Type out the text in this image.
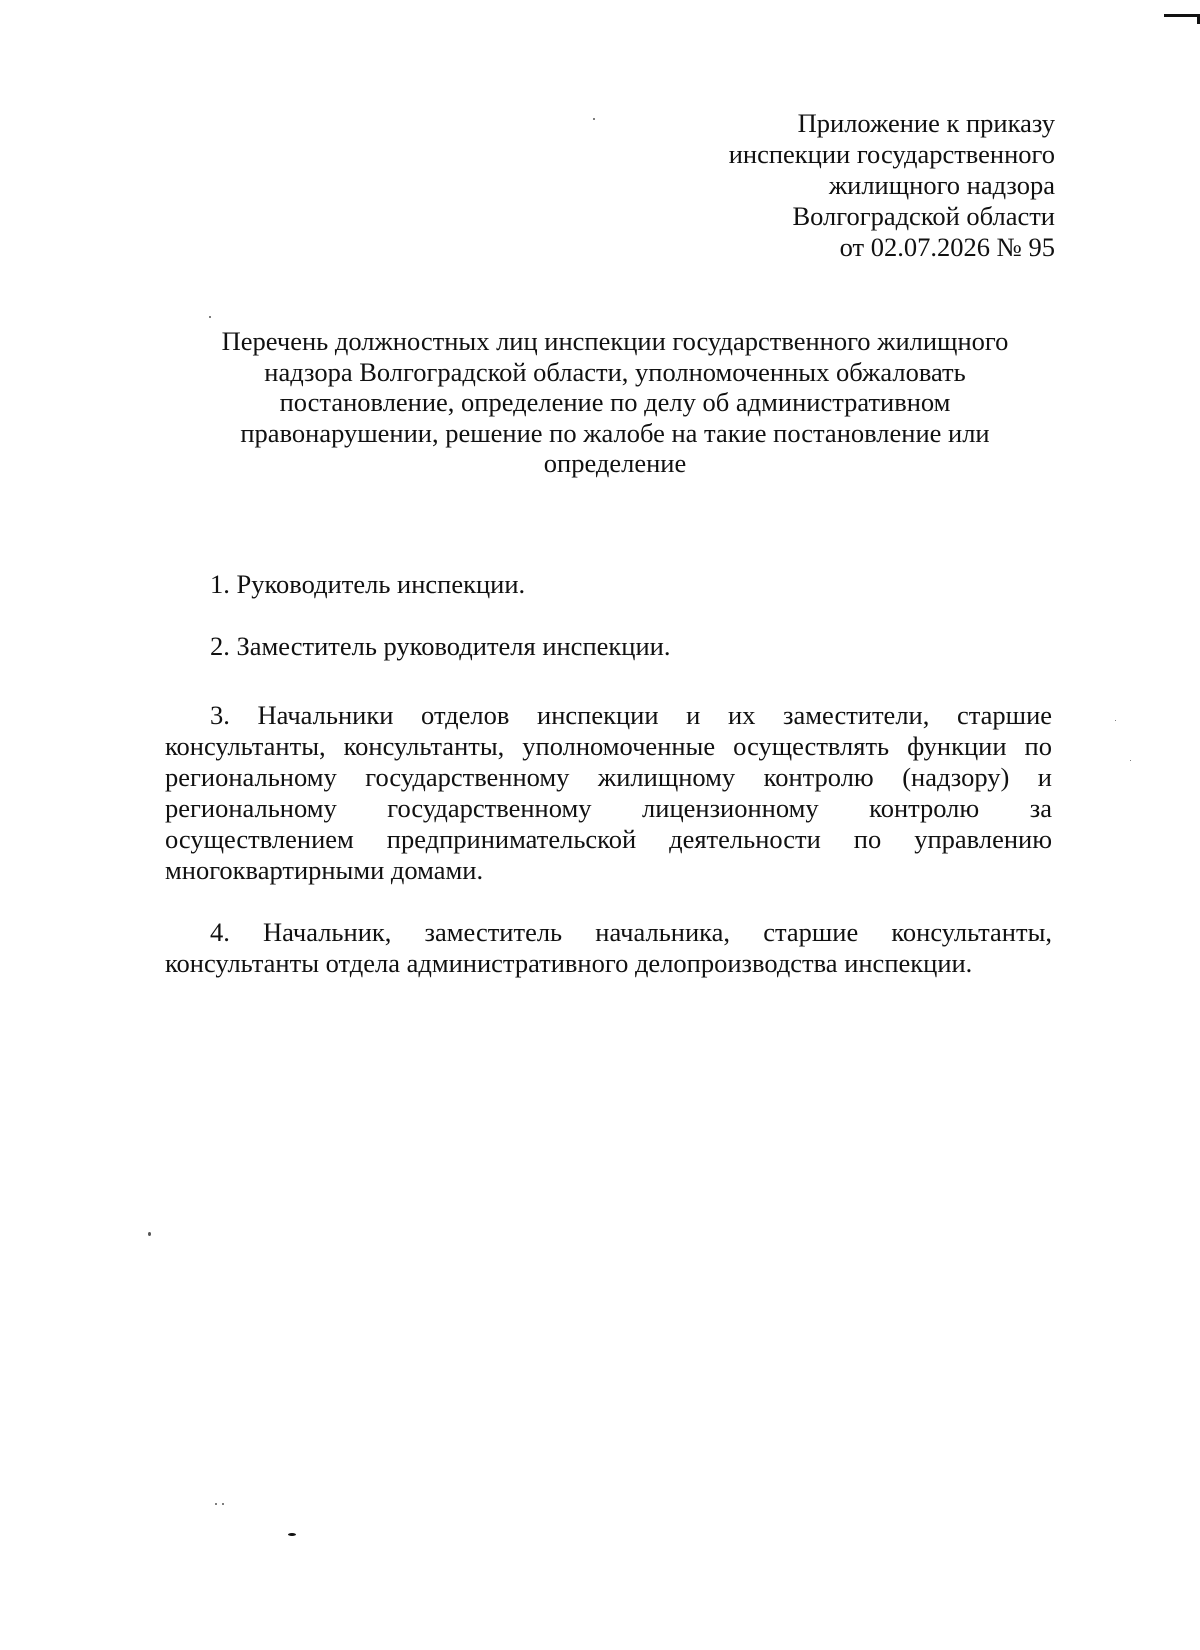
Приложение к приказу
инспекции государственного
жилищного надзора
Волгоградской области
от 02.07.2026 № 95
Перечень должностных лиц инспекции государственного жилищного
надзора Волгоградской области, уполномоченных обжаловать
постановление, определение по делу об административном
правонарушении, решение по жалобе на такие постановление или
определение

1. Руководитель инспекции.

2. Заместитель руководителя инспекции.

3. Начальники отделов инспекции и их заместители, старшие консультанты, консультанты, уполномоченные осуществлять функции по региональному государственному жилищному контролю (надзору) и региональному государственному лицензионному контролю за осуществлением предпринимательской деятельности по управлению многоквартирными домами.

4. Начальник, заместитель начальника, старшие консультанты, консультанты отдела административного делопроизводства инспекции.
